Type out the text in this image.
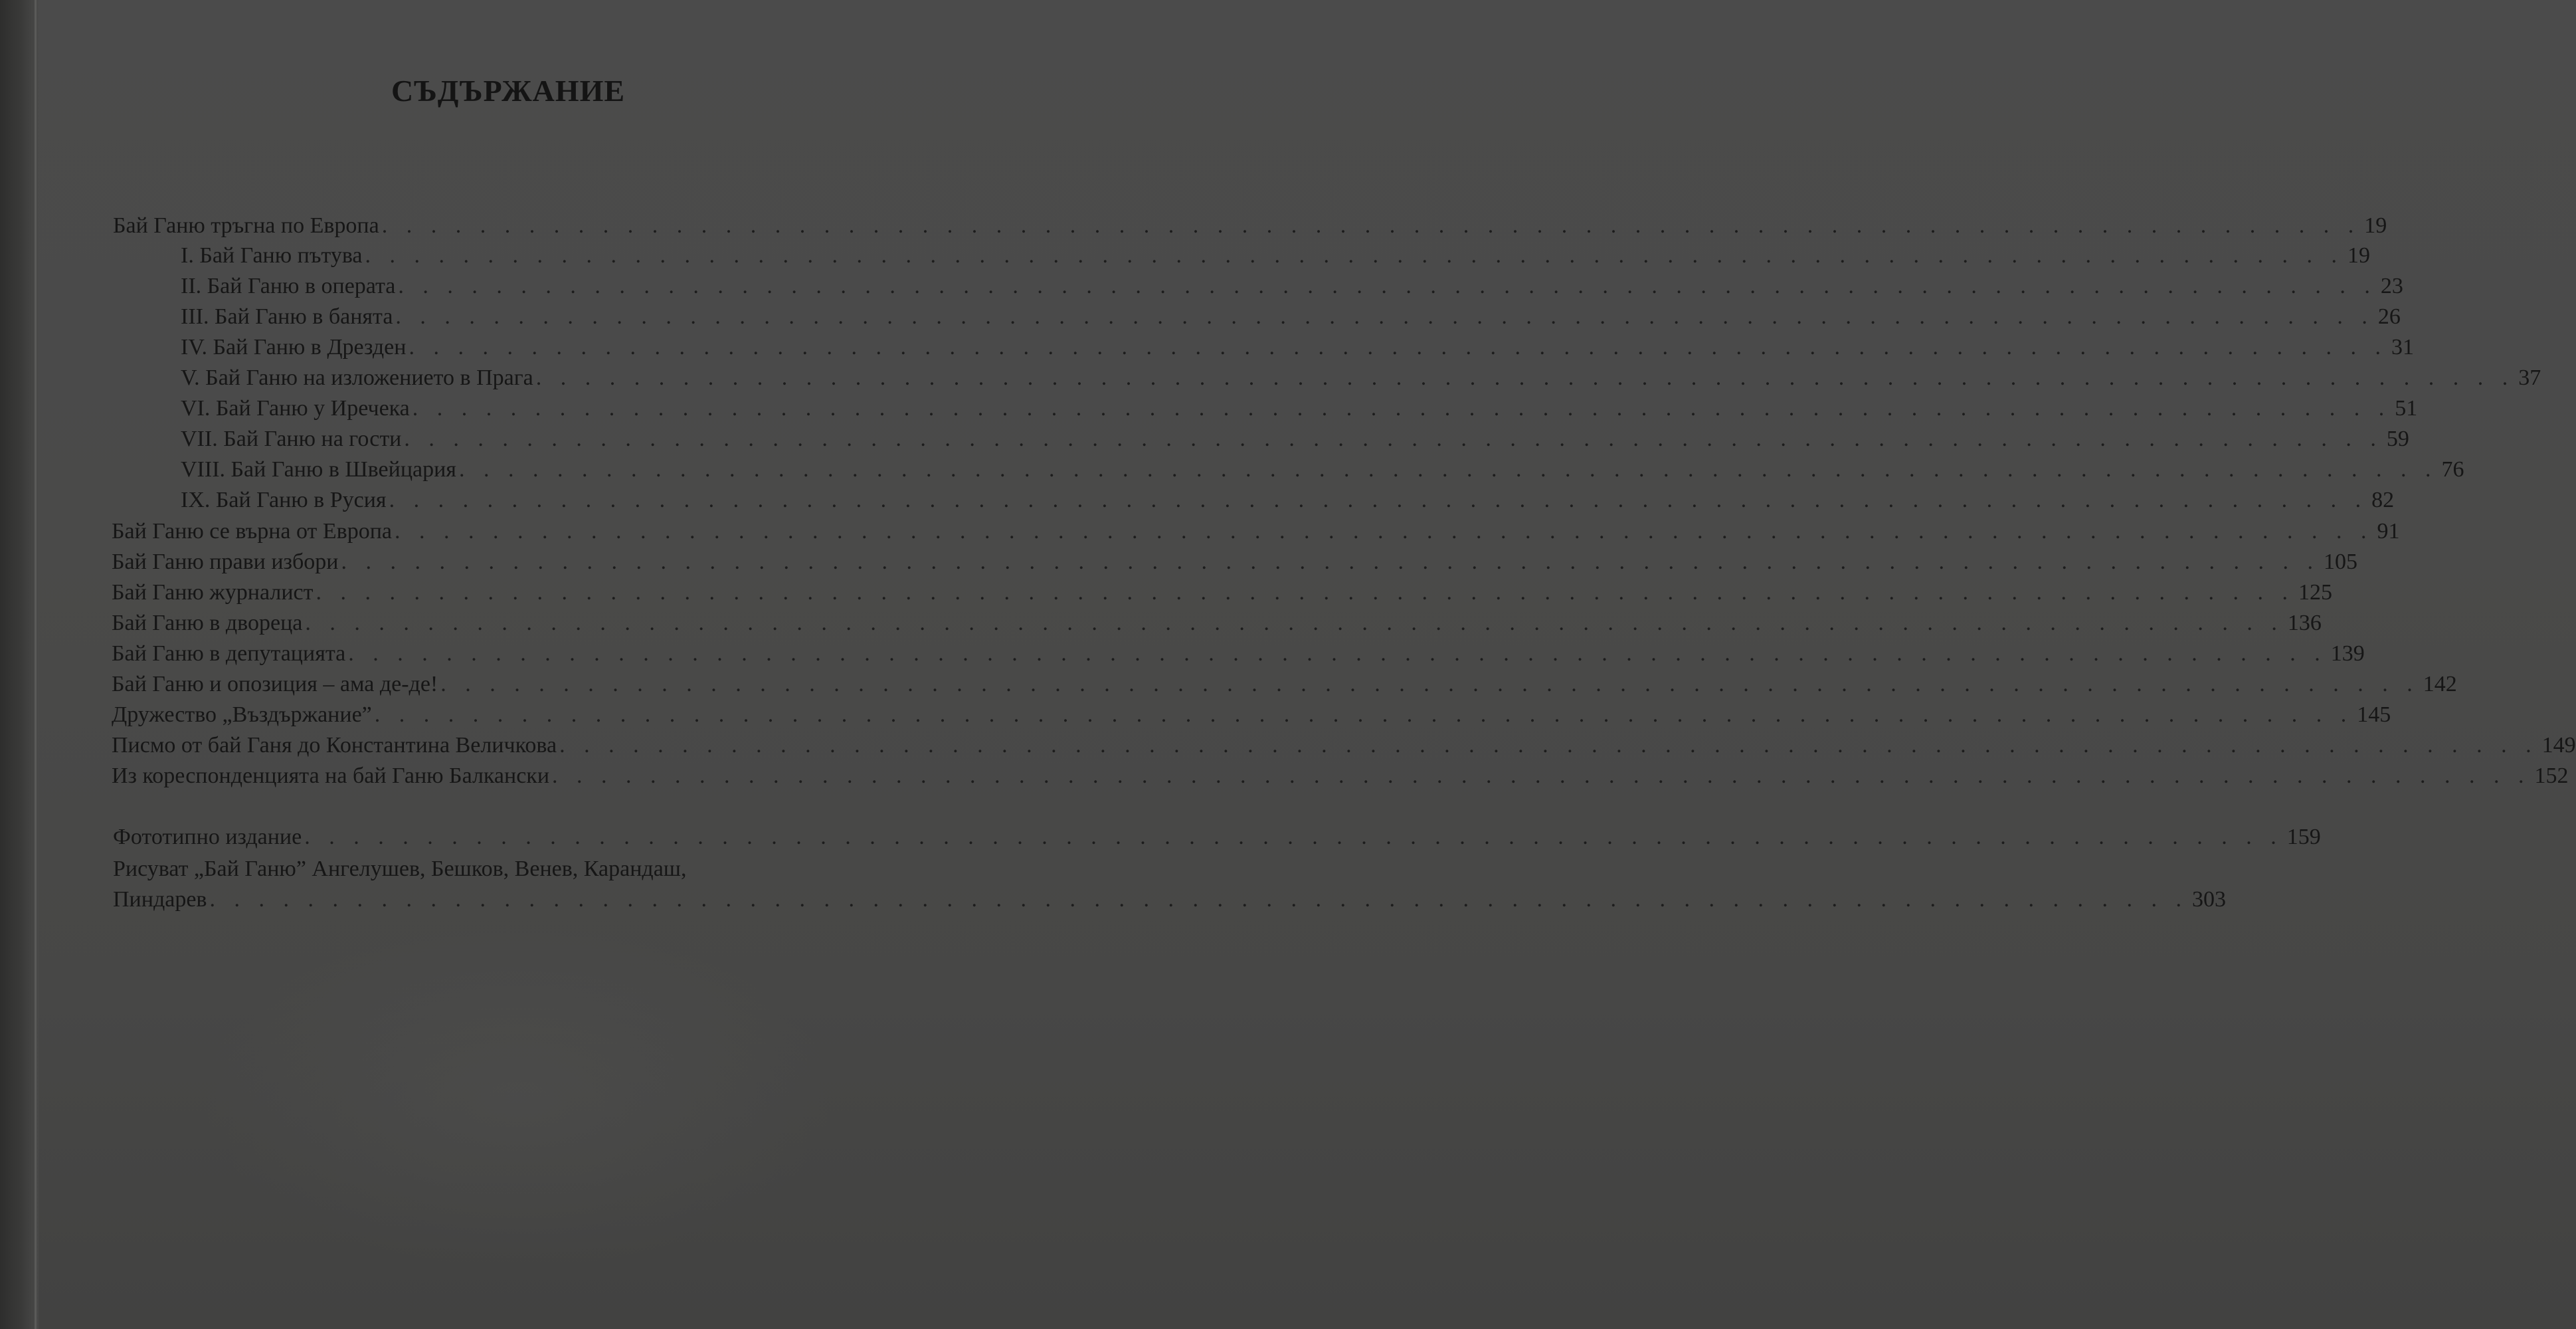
СЪДЪРЖАНИЕ
Бай Ганю тръгна по Европа . . . . . . . . . . . . . . . . . . . . . . . . . . . . . . . . . . . . . . . . . . . . . . . . . . . . . . . . . . . . . . . . . . . . . . . . . . . . . . . . . 19
I. Бай Ганю пътува . . . . . . . . . . . . . . . . . . . . . . . . . . . . . . . . . . . . . . . . . . . . . . . . . . . . . . . . . . . . . . . . . . . . . . . . . . . . . . . . . 19
II. Бай Ганю в операта . . . . . . . . . . . . . . . . . . . . . . . . . . . . . . . . . . . . . . . . . . . . . . . . . . . . . . . . . . . . . . . . . . . . . . . . . . . . . . . . . 23
III. Бай Ганю в банята . . . . . . . . . . . . . . . . . . . . . . . . . . . . . . . . . . . . . . . . . . . . . . . . . . . . . . . . . . . . . . . . . . . . . . . . . . . . . . . . . 26
IV. Бай Ганю в Дрезден . . . . . . . . . . . . . . . . . . . . . . . . . . . . . . . . . . . . . . . . . . . . . . . . . . . . . . . . . . . . . . . . . . . . . . . . . . . . . . . . . 31
V. Бай Ганю на изложението в Прага . . . . . . . . . . . . . . . . . . . . . . . . . . . . . . . . . . . . . . . . . . . . . . . . . . . . . . . . . . . . . . . . . . . . . . . . . . . . . . . . . 37
VI. Бай Ганю у Иречека . . . . . . . . . . . . . . . . . . . . . . . . . . . . . . . . . . . . . . . . . . . . . . . . . . . . . . . . . . . . . . . . . . . . . . . . . . . . . . . . . 51
VII. Бай Ганю на гости . . . . . . . . . . . . . . . . . . . . . . . . . . . . . . . . . . . . . . . . . . . . . . . . . . . . . . . . . . . . . . . . . . . . . . . . . . . . . . . . . 59
VIII. Бай Ганю в Швейцария . . . . . . . . . . . . . . . . . . . . . . . . . . . . . . . . . . . . . . . . . . . . . . . . . . . . . . . . . . . . . . . . . . . . . . . . . . . . . . . . . 76
IX. Бай Ганю в Русия . . . . . . . . . . . . . . . . . . . . . . . . . . . . . . . . . . . . . . . . . . . . . . . . . . . . . . . . . . . . . . . . . . . . . . . . . . . . . . . . . 82
Бай Ганю се върна от Европа . . . . . . . . . . . . . . . . . . . . . . . . . . . . . . . . . . . . . . . . . . . . . . . . . . . . . . . . . . . . . . . . . . . . . . . . . . . . . . . . . 91
Бай Ганю прави избори . . . . . . . . . . . . . . . . . . . . . . . . . . . . . . . . . . . . . . . . . . . . . . . . . . . . . . . . . . . . . . . . . . . . . . . . . . . . . . . . . 105
Бай Ганю журналист . . . . . . . . . . . . . . . . . . . . . . . . . . . . . . . . . . . . . . . . . . . . . . . . . . . . . . . . . . . . . . . . . . . . . . . . . . . . . . . . . 125
Бай Ганю в двореца . . . . . . . . . . . . . . . . . . . . . . . . . . . . . . . . . . . . . . . . . . . . . . . . . . . . . . . . . . . . . . . . . . . . . . . . . . . . . . . . . 136
Бай Ганю в депутацията . . . . . . . . . . . . . . . . . . . . . . . . . . . . . . . . . . . . . . . . . . . . . . . . . . . . . . . . . . . . . . . . . . . . . . . . . . . . . . . . . 139
Бай Ганю и опозиция – ама де-де! . . . . . . . . . . . . . . . . . . . . . . . . . . . . . . . . . . . . . . . . . . . . . . . . . . . . . . . . . . . . . . . . . . . . . . . . . . . . . . . . . 142
Дружество „Въздържание” . . . . . . . . . . . . . . . . . . . . . . . . . . . . . . . . . . . . . . . . . . . . . . . . . . . . . . . . . . . . . . . . . . . . . . . . . . . . . . . . . 145
Писмо от бай Ганя до Константина Величкова . . . . . . . . . . . . . . . . . . . . . . . . . . . . . . . . . . . . . . . . . . . . . . . . . . . . . . . . . . . . . . . . . . . . . . . . . . . . . . . . . 149
Из кореспонденцията на бай Ганю Балкански . . . . . . . . . . . . . . . . . . . . . . . . . . . . . . . . . . . . . . . . . . . . . . . . . . . . . . . . . . . . . . . . . . . . . . . . . . . . . . . . . 152
Фототипно издание . . . . . . . . . . . . . . . . . . . . . . . . . . . . . . . . . . . . . . . . . . . . . . . . . . . . . . . . . . . . . . . . . . . . . . . . . . . . . . . . . 159
Рисуват „Бай Ганю” Ангелушев, Бешков, Венев, Карандаш,
Пиндарев . . . . . . . . . . . . . . . . . . . . . . . . . . . . . . . . . . . . . . . . . . . . . . . . . . . . . . . . . . . . . . . . . . . . . . . . . . . . . . . . . 303
